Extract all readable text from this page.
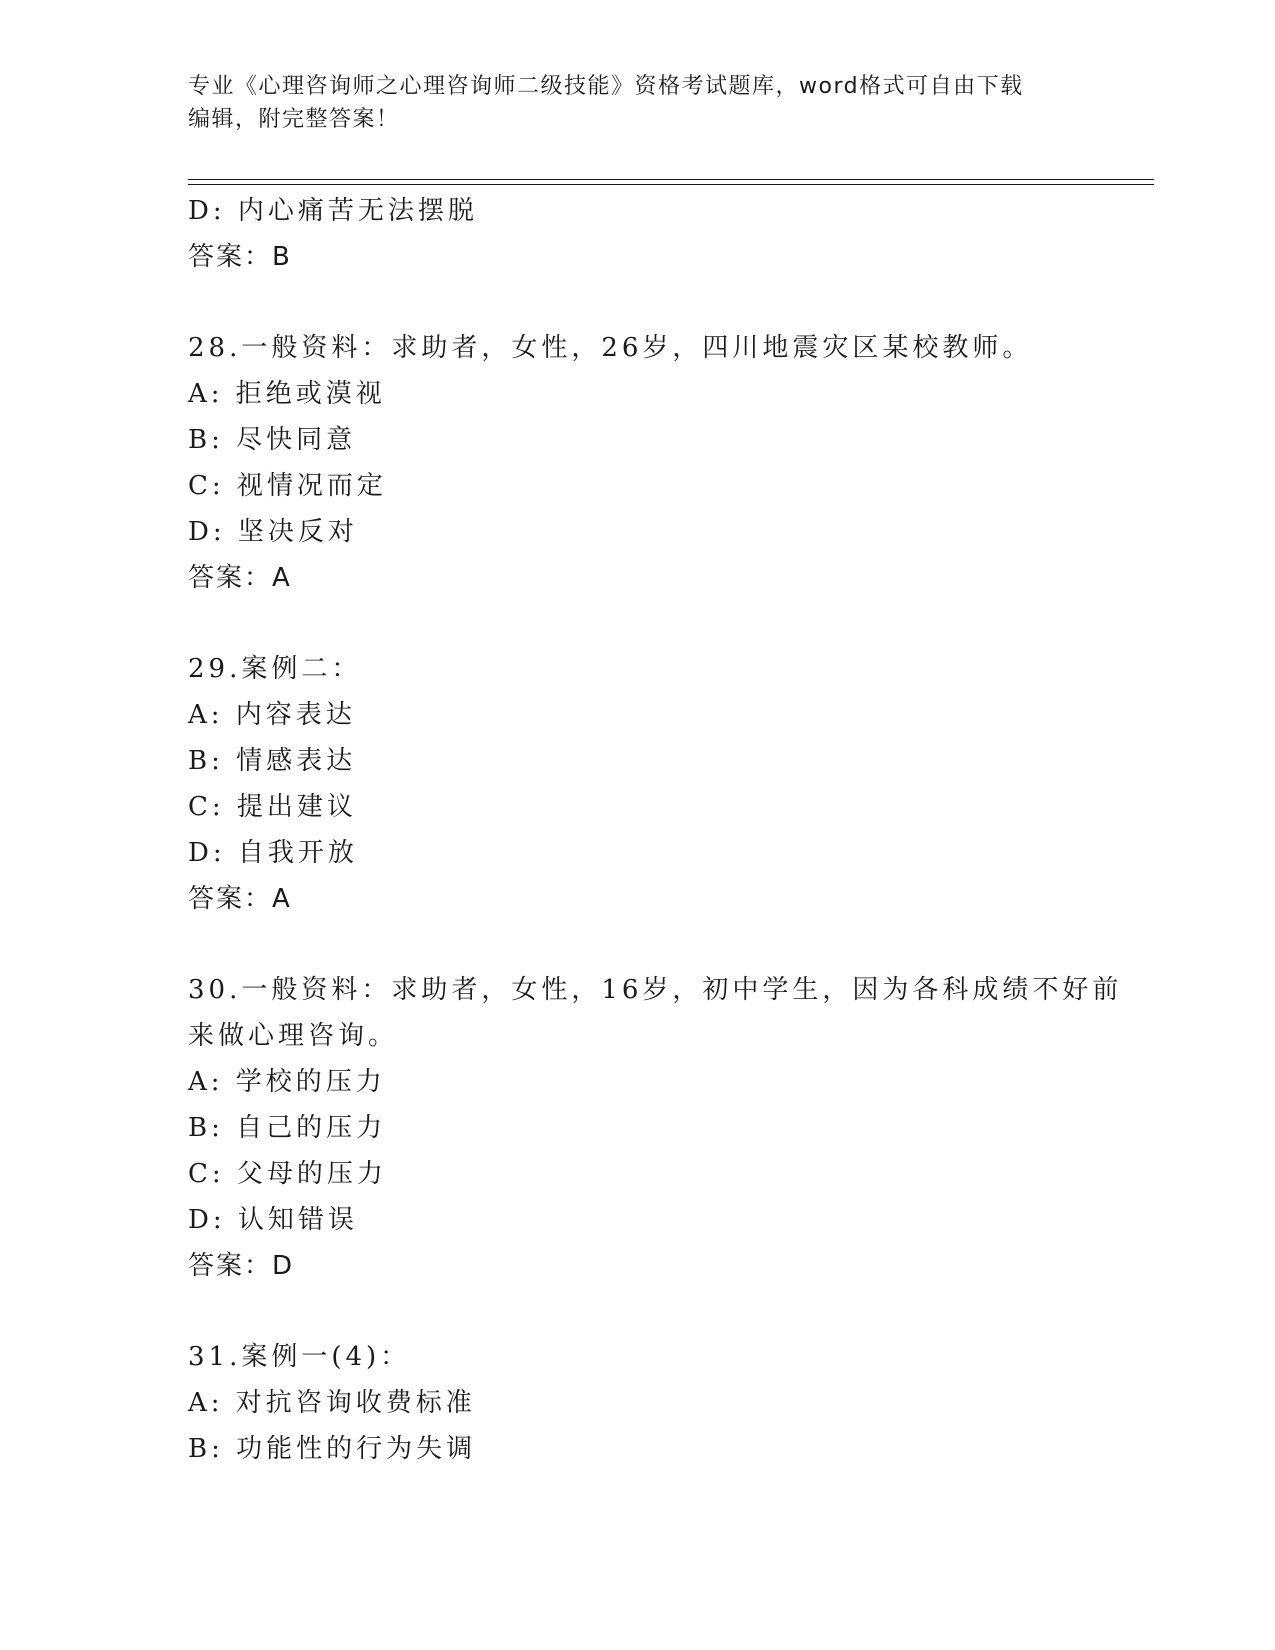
专业《心理咨询师之心理咨询师二级技能》资格考试题库，word格式可自由下载
编辑，附完整答案！

D: 内心痛苦无法摆脱

答案：B

28.一般资料：求助者，女性，26岁，四川地震灾区某校教师。

A: 拒绝或漠视

B: 尽快同意

C: 视情况而定

D: 坚决反对

答案：A

29.案例二：

A: 内容表达

B: 情感表达

C: 提出建议

D: 自我开放

答案：A

30.一般资料：求助者，女性，16岁，初中学生，因为各科成绩不好前

来做心理咨询。

A: 学校的压力

B: 自己的压力

C: 父母的压力

D: 认知错误

答案：D

31.案例一(4)：

A: 对抗咨询收费标准

B: 功能性的行为失调
